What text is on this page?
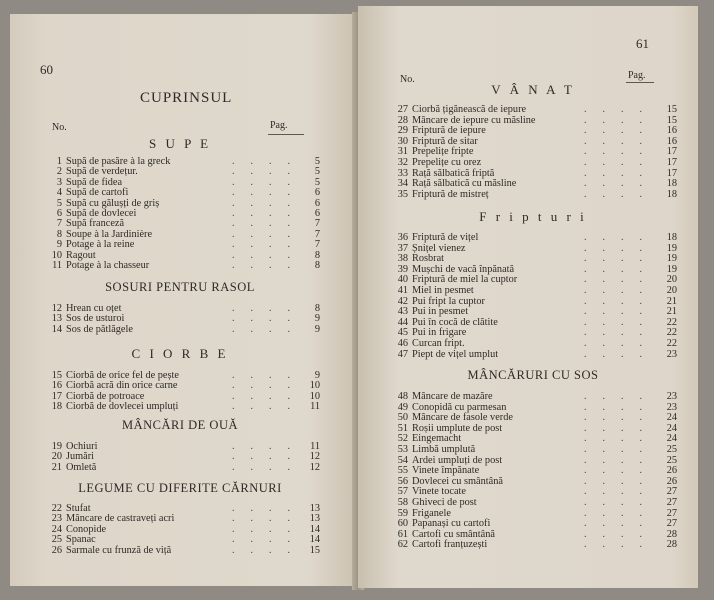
60
CUPRINSUL
No.	Pag.
S U P E
1 Supă de pasăre à la greck	.... 5
2 Supă de verdețur.	.... 5
3 Supă de fidea	.... 5
4 Supă de cartofi	.... 6
5 Supă cu gălușți de griș	.... 6
6 Supă de dovlecei	.... 6
7 Supă franceză	.... 7
8 Soupe à la Jardinière	.... 7
9 Potage à la reine	.... 7
10 Ragout	.... 8
11 Potage à la chasseur	.... 8
SOSURI PENTRU RASOL
12 Hrean cu oțet	.... 8
13 Sos de usturoi	.... 9
14 Sos de pătlăgele	.... 9
C I O R B E
15 Ciorbă de orice fel de pește	.... 9
16 Ciorbă acră din orice carne	.... 10
17 Ciorbă de potroace	.... 10
18 Ciorbă de dovlecei umpluți	.... 11
MÂNCĂRI DE OUĂ
19 Ochiuri	.... 11
20 Jumări	.... 12
21 Omletă	.... 12
LEGUME CU DIFERITE CĂRNURI
22 Stufat	.... 13
23 Mâncare de castraveți acri	.... 13
24 Conopide	.... 14
25 Spanac	.... 14
26 Sarmale cu frunză de viță	.... 15
61
No.	Pag.
V Â N A T
27 Ciorbă țigănească de iepure	.... 15
28 Mâncare de iepure cu măsline	.... 15
29 Friptură de iepure	.... 16
30 Friptură de sitar	.... 16
31 Prepelițe fripte	.... 17
32 Prepelițe cu orez	.... 17
33 Rață sălbatică friptă	.... 17
34 Rață sălbatică cu măsline	.... 18
35 Friptură de mistreț	.... 18
F r i p t u r i
36 Friptură de vițel	.... 18
37 Șnițel vienez	.... 19
38 Rosbrat	.... 19
39 Mușchi de vacă înpănată	.... 19
40 Friptură de miel la cuptor	.... 20
41 Miel in pesmet	.... 20
42 Pui fript la cuptor	.... 21
43 Pui in pesmet	.... 21
44 Pui în cocă de clătite	.... 22
45 Pui in frigare	.... 22
46 Curcan fript.	.... 22
47 Piept de vițel umplut	.... 23
MÂNCĂRURI CU SOS
48 Mâncare de mazăre	.... 23
49 Conopidă cu parmesan	.... 23
50 Mâncare de fasole verde	.... 24
51 Roșii umplute de post	.... 24
52 Eingemacht	.... 24
53 Limbă umplută	.... 25
54 Ardei umpluți de post	.... 25
55 Vinete împănate	.... 26
56 Dovlecei cu smântână	.... 26
57 Vinete tocate	.... 27
58 Ghiveci de post	.... 27
59 Friganele	.... 27
60 Papanași cu cartofi	.... 27
61 Cartofi cu smântână	.... 28
62 Cartofi franțuzești	.... 28
